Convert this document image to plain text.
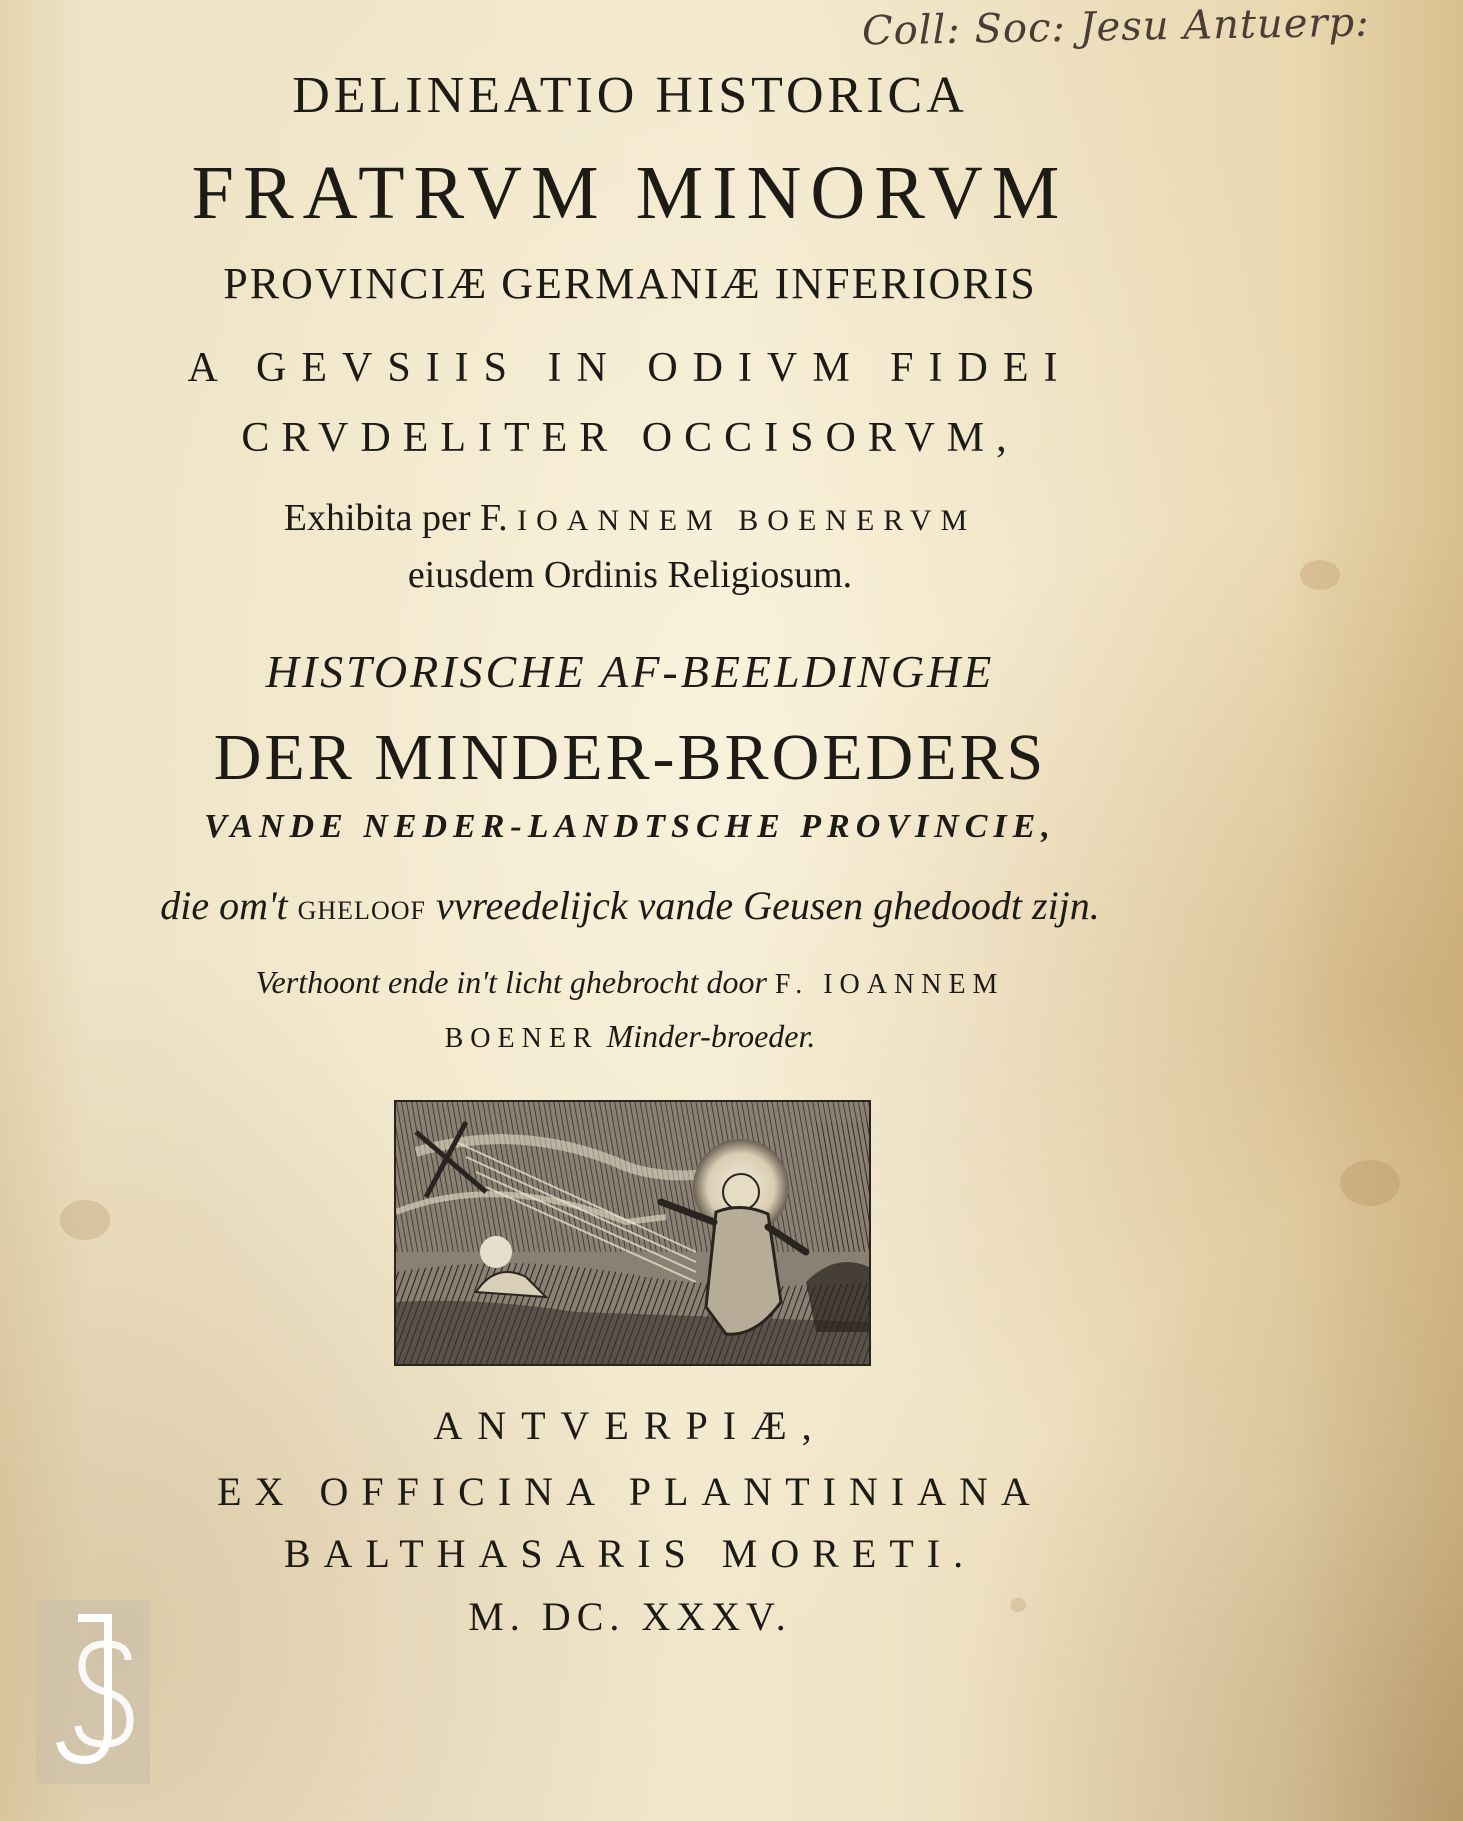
Coll: Soc: Jesu Antuerp:
DELINEATIO HISTORICA
FRATRVM MINORVM
PROVINCIÆ GERMANIÆ INFERIORIS
A GEVSIIS IN ODIVM FIDEI
CRVDELITER OCCISORVM,
Exhibita per F. IOANNEM BOENERVM
eiusdem Ordinis Religiosum.
HISTORISCHE AF-BEELDINGHE
DER MINDER-BROEDERS
VANDE NEDER-LANDTSCHE PROVINCIE,
die om't GHELOOF vvreedelijck vande Geusen ghedoodt zijn.
Verthoont ende in't licht ghebrocht door F. IOANNEM
BOENER Minder-broeder.
ANTVERPIÆ,
EX OFFICINA PLANTINIANA
BALTHASARIS MORETI.
M. DC. XXXV.
